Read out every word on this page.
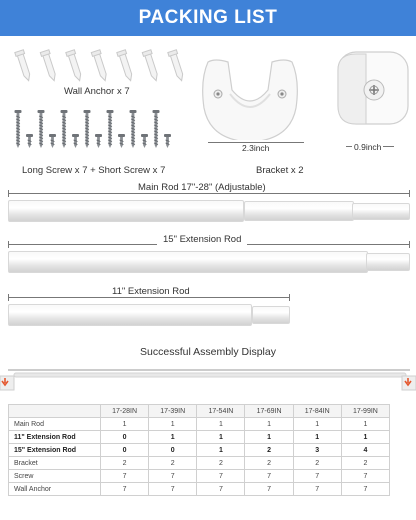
PACKING LIST
Wall Anchor x 7
Long Screw x 7 + Short Screw x 7
2.3inch
Bracket x 2
0.9inch
Main Rod 17"-28" (Adjustable)
15" Extension Rod
11" Extension Rod
Successful Assembly Display
	17-28IN	17-39IN	17-54IN	17-69IN	17-84IN	17-99IN
Main Rod	1	1	1	1	1	1
11" Extension Rod	0	1	1	1	1	1
15" Extension Rod	0	0	1	2	3	4
Bracket	2	2	2	2	2	2
Screw	7	7	7	7	7	7
Wall Anchor	7	7	7	7	7	7
